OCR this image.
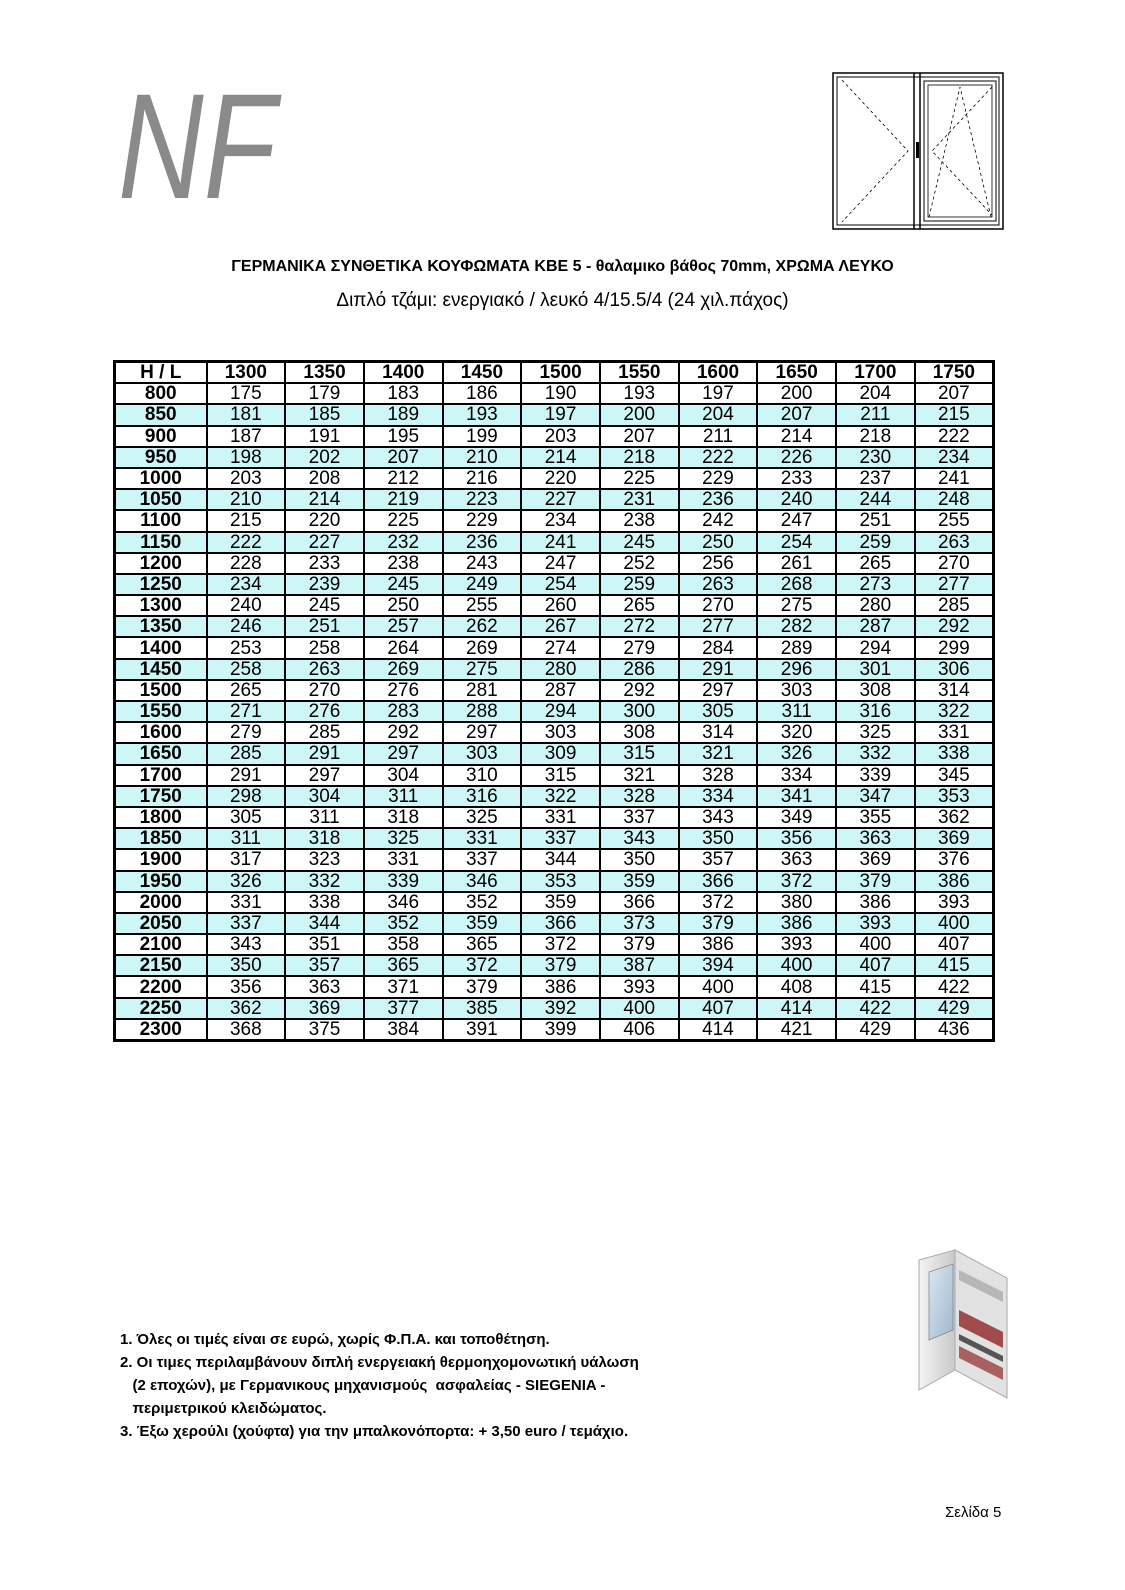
NF
ΓΕΡΜΑΝΙΚΑ ΣΥΝΘΕΤΙΚΑ ΚΟΥΦΩΜΑΤΑ KBE 5 - θαλαμικο βάθος 70mm, ΧΡΩΜΑ ΛΕΥΚΟ
Διπλό τζάμι: ενεργιακό / λευκό 4/15.5/4 (24 χιλ.πάχος)
H / L	1300	1350	1400	1450	1500	1550	1600	1650	1700	1750
800	175	179	183	186	190	193	197	200	204	207
850	181	185	189	193	197	200	204	207	211	215
900	187	191	195	199	203	207	211	214	218	222
950	198	202	207	210	214	218	222	226	230	234
1000	203	208	212	216	220	225	229	233	237	241
1050	210	214	219	223	227	231	236	240	244	248
1100	215	220	225	229	234	238	242	247	251	255
1150	222	227	232	236	241	245	250	254	259	263
1200	228	233	238	243	247	252	256	261	265	270
1250	234	239	245	249	254	259	263	268	273	277
1300	240	245	250	255	260	265	270	275	280	285
1350	246	251	257	262	267	272	277	282	287	292
1400	253	258	264	269	274	279	284	289	294	299
1450	258	263	269	275	280	286	291	296	301	306
1500	265	270	276	281	287	292	297	303	308	314
1550	271	276	283	288	294	300	305	311	316	322
1600	279	285	292	297	303	308	314	320	325	331
1650	285	291	297	303	309	315	321	326	332	338
1700	291	297	304	310	315	321	328	334	339	345
1750	298	304	311	316	322	328	334	341	347	353
1800	305	311	318	325	331	337	343	349	355	362
1850	311	318	325	331	337	343	350	356	363	369
1900	317	323	331	337	344	350	357	363	369	376
1950	326	332	339	346	353	359	366	372	379	386
2000	331	338	346	352	359	366	372	380	386	393
2050	337	344	352	359	366	373	379	386	393	400
2100	343	351	358	365	372	379	386	393	400	407
2150	350	357	365	372	379	387	394	400	407	415
2200	356	363	371	379	386	393	400	408	415	422
2250	362	369	377	385	392	400	407	414	422	429
2300	368	375	384	391	399	406	414	421	429	436
1. Όλες οι τιμές είναι σε ευρώ, χωρίς Φ.Π.Α. και τοποθέτηση.
2. Οι τιμες περιλαμβάνουν διπλή ενεργειακή θερμοηχομονωτική υάλωση
(2 εποχών), με Γερμανικους μηχανισμούς  ασφαλείας - SIEGENIA -
περιμετρικού κλειδώματος.
3. Έξω χερούλι (χούφτα) για την μπαλκονόπορτα: + 3,50 euro / τεμάχιο.
Σελίδα 5
